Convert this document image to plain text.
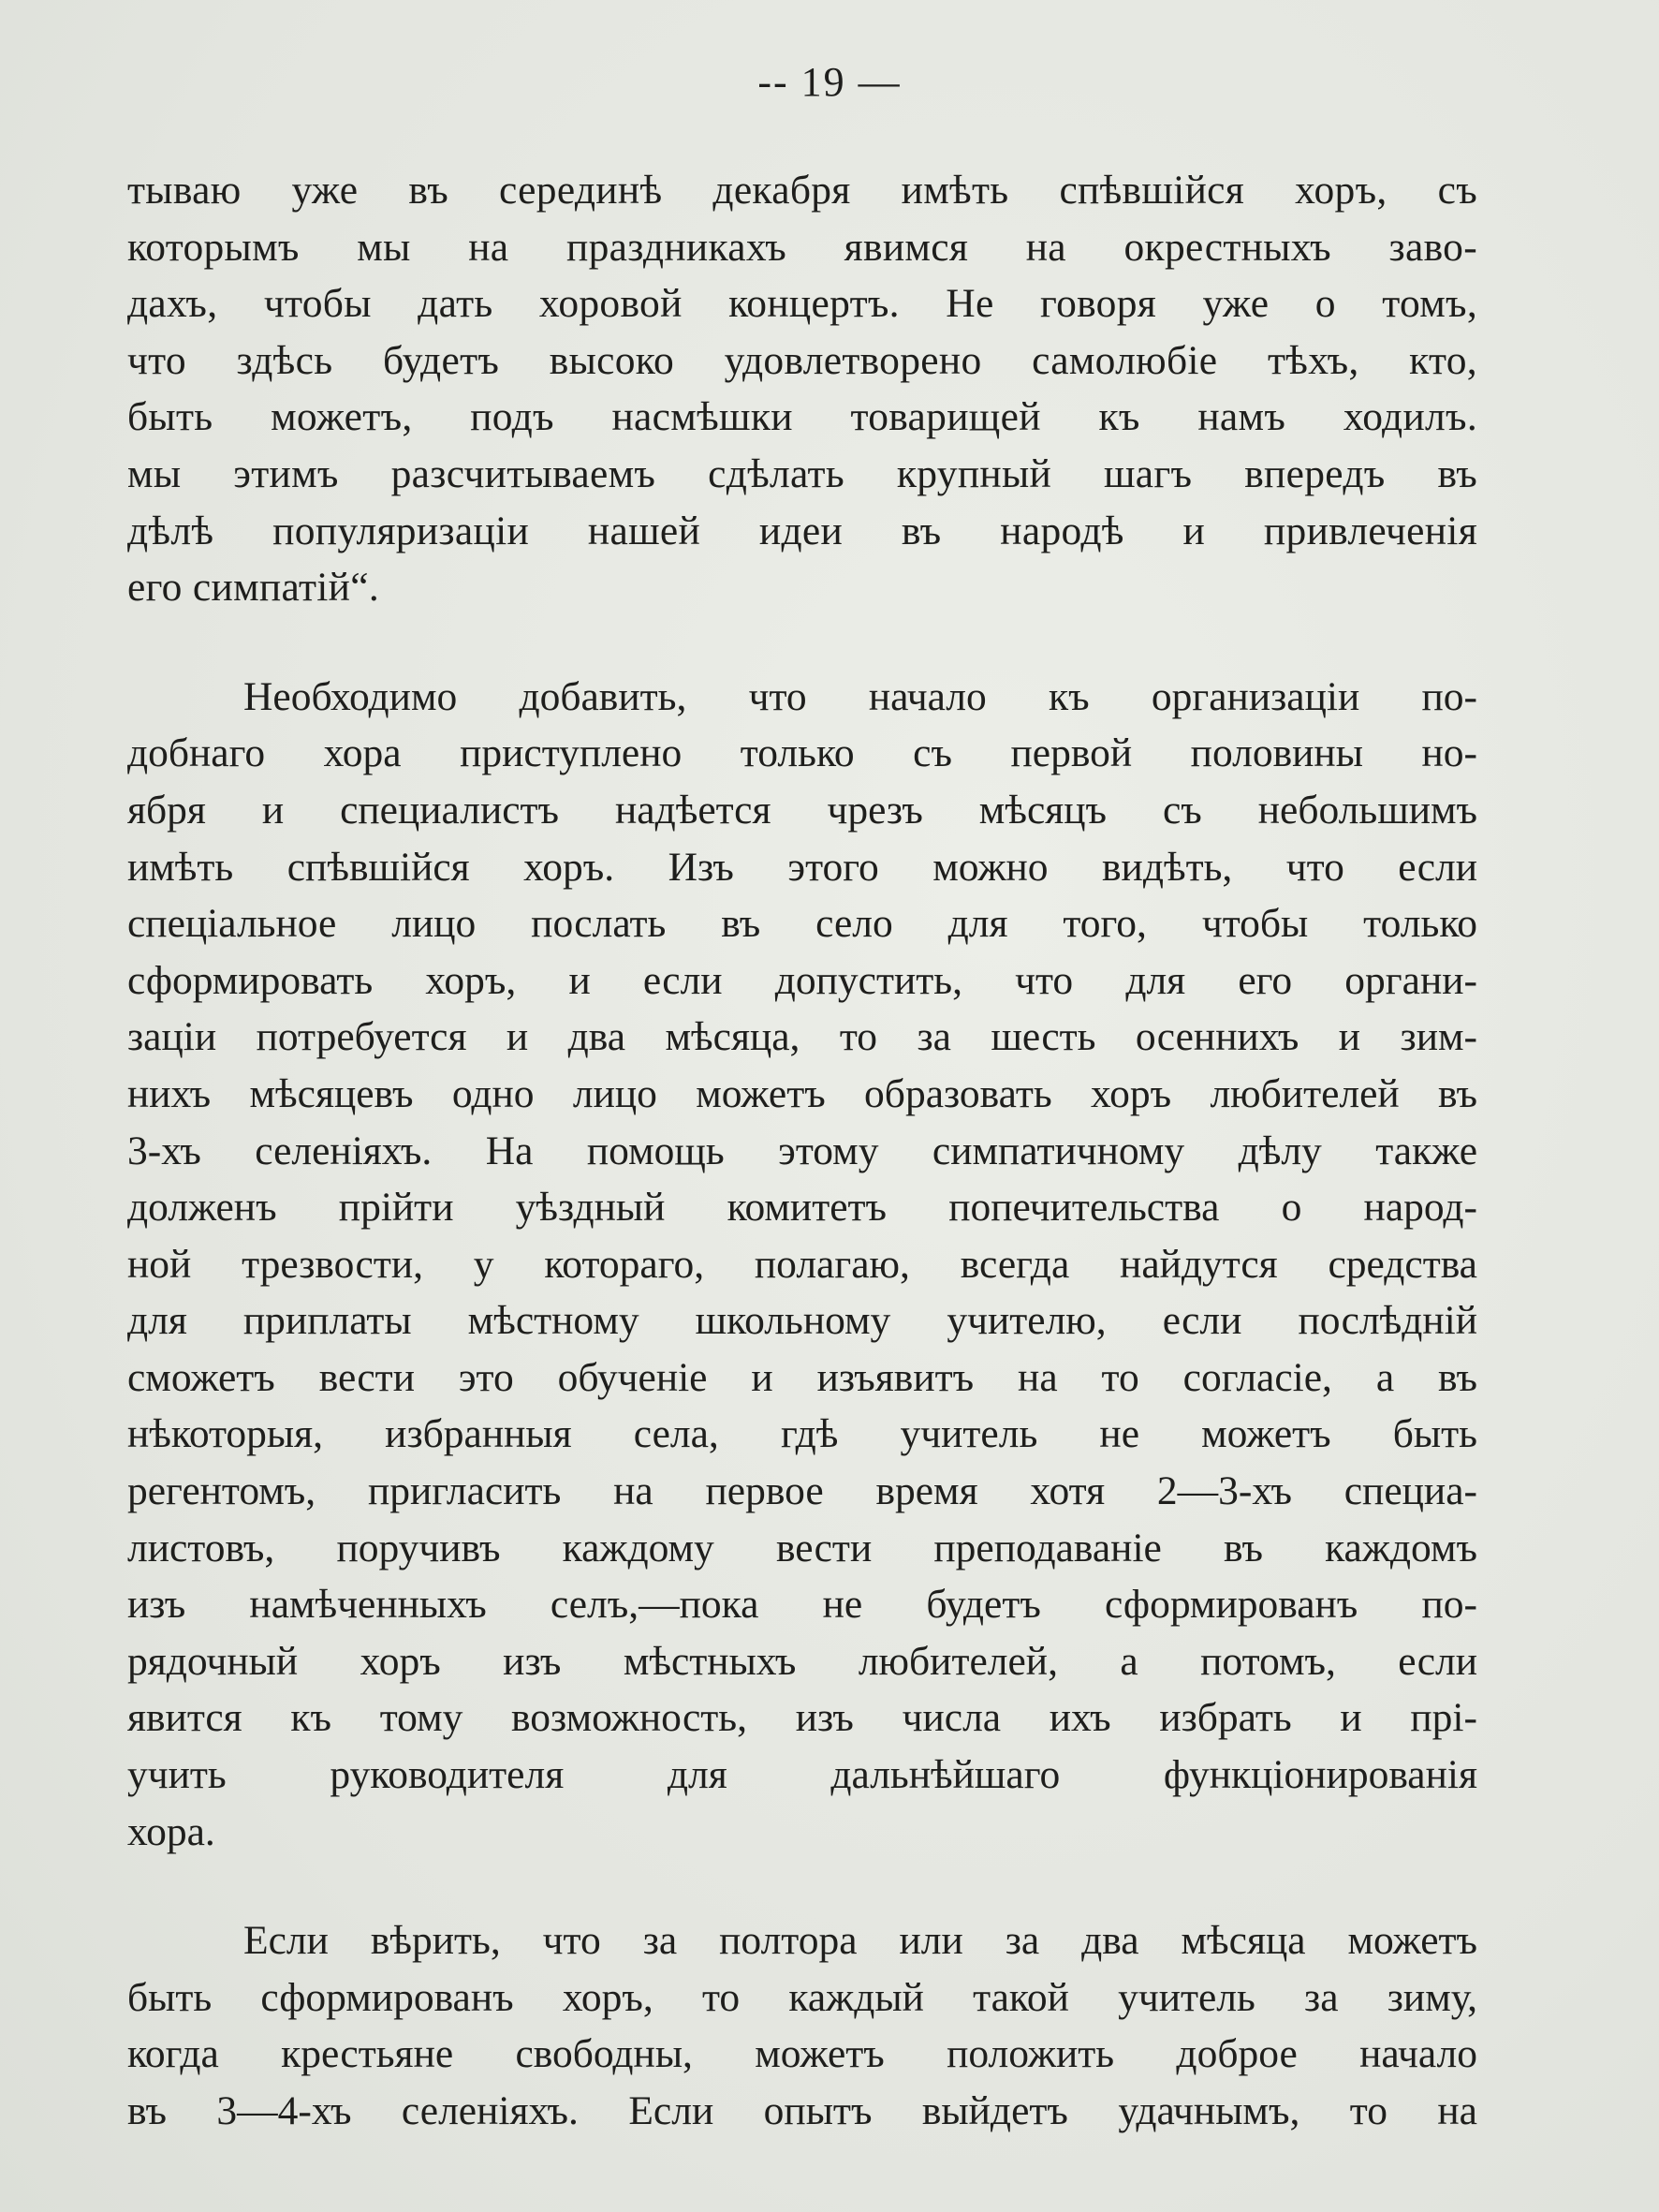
-- 19 —
тываю уже въ серединѣ декабря имѣть спѣвшійся хоръ, съ
которымъ мы на праздникахъ явимся на окрестныхъ заво-
дахъ, чтобы дать хоровой концертъ. Не говоря уже о томъ,
что здѣсь будетъ высоко удовлетворено самолюбіе тѣхъ, кто,
быть можетъ, подъ насмѣшки товарищей къ намъ ходилъ.
мы этимъ разсчитываемъ сдѣлать крупный шагъ впередъ въ
дѣлѣ популяризаціи нашей идеи въ народѣ и привлеченія
его симпатій“.
Необходимо добавить, что начало къ организаціи по-
добнаго хора приступлено только съ первой половины но-
ября и специалистъ надѣется чрезъ мѣсяцъ съ небольшимъ
имѣть спѣвшійся хоръ. Изъ этого можно видѣть, что если
спеціальное лицо послать въ село для того, чтобы только
сформировать хоръ, и если допустить, что для его органи-
заціи потребуется и два мѣсяца, то за шесть осеннихъ и зим-
нихъ мѣсяцевъ одно лицо можетъ образовать хоръ любителей въ
3-хъ селеніяхъ. На помощь этому симпатичному дѣлу также
долженъ прійти уѣздный комитетъ попечительства о народ-
ной трезвости, у котораго, полагаю, всегда найдутся средства
для приплаты мѣстному школьному учителю, если послѣдній
сможетъ вести это обученіе и изъявитъ на то согласіе, а въ
нѣкоторыя, избранныя села, гдѣ учитель не можетъ быть
регентомъ, пригласить на первое время хотя 2—3-хъ специа-
листовъ, поручивъ каждому вести преподаваніе въ каждомъ
изъ намѣченныхъ селъ,—пока не будетъ сформированъ по-
рядочный хоръ изъ мѣстныхъ любителей, а потомъ, если
явится къ тому возможность, изъ числа ихъ избрать и прі-
учить руководителя для дальнѣйшаго функціонированія
хора.
Если вѣрить, что за полтора или за два мѣсяца можетъ
быть сформированъ хоръ, то каждый такой учитель за зиму,
когда крестьяне свободны, можетъ положить доброе начало
въ 3—4-хъ селеніяхъ. Если опытъ выйдетъ удачнымъ, то на
